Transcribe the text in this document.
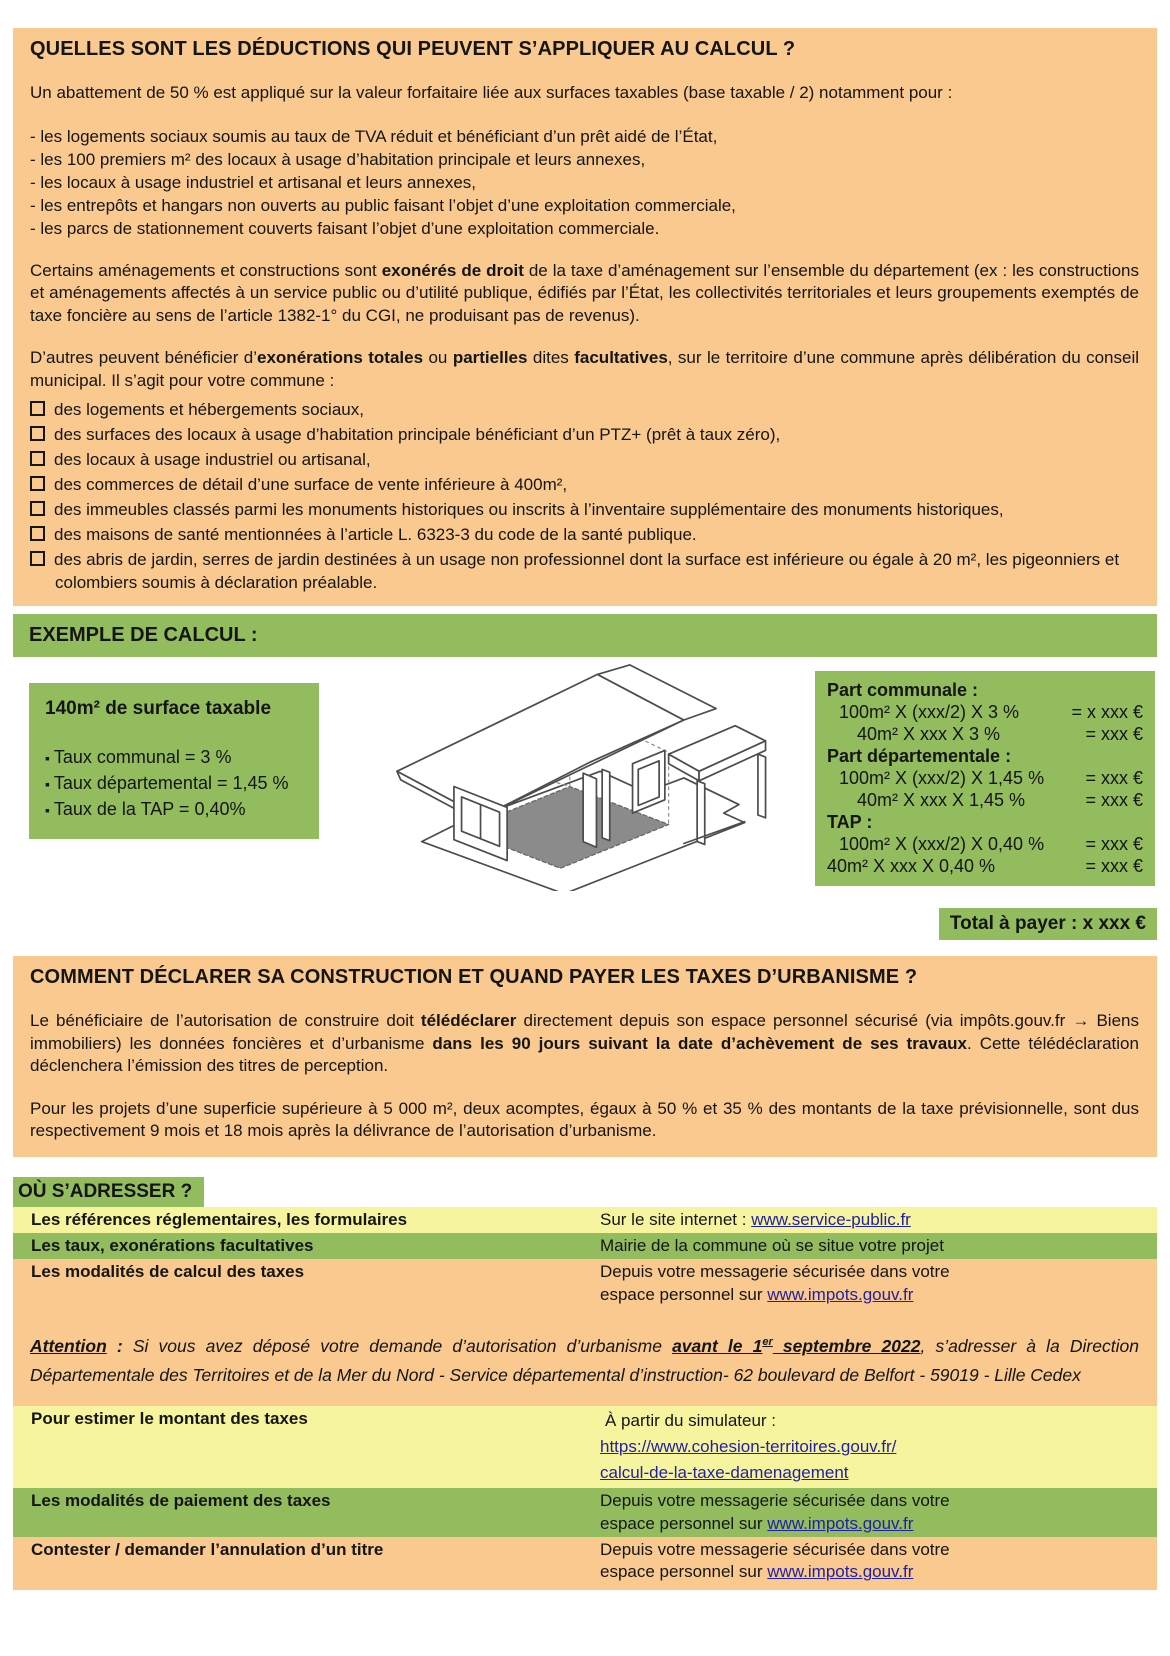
QUELLES SONT LES DÉDUCTIONS QUI PEUVENT S’APPLIQUER AU CALCUL ?

Un abattement de 50 % est appliqué sur la valeur forfaitaire liée aux surfaces taxables (base taxable / 2) notamment pour :

- les logements sociaux soumis au taux de TVA réduit et bénéficiant d’un prêt aidé de l’État,
- les 100 premiers m² des locaux à usage d’habitation principale et leurs annexes,
- les locaux à usage industriel et artisanal et leurs annexes,
- les entrepôts et hangars non ouverts au public faisant l’objet d’une exploitation commerciale,
- les parcs de stationnement couverts faisant l’objet d’une exploitation commerciale.

Certains aménagements et constructions sont exonérés de droit de la taxe d’aménagement sur l’ensemble du département (ex : les constructions et aménagements affectés à un service public ou d’utilité publique, édifiés par l’État, les collectivités territoriales et leurs groupements exemptés de taxe foncière au sens de l’article 1382-1° du CGI, ne produisant pas de revenus).

D’autres peuvent bénéficier d’exonérations totales ou partielles dites facultatives, sur le territoire d’une commune après délibération du conseil municipal. Il s’agit pour votre commune :

des logements et hébergements sociaux,
des surfaces des locaux à usage d’habitation principale bénéficiant d’un PTZ+ (prêt à taux zéro),
des locaux à usage industriel ou artisanal,
des commerces de détail d’une surface de vente inférieure à 400m²,
des immeubles classés parmi les monuments historiques ou inscrits à l’inventaire supplémentaire des monuments historiques,
des maisons de santé mentionnées à l’article L. 6323-3 du code de la santé publique.
des abris de jardin, serres de jardin destinées à un usage non professionnel dont la surface est inférieure ou égale à 20 m², les pigeonniers et colombiers soumis à déclaration préalable.
EXEMPLE DE CALCUL :
140m² de surface taxable
▪ Taux communal = 3 %
▪ Taux départemental = 1,45 %
▪ Taux de la TAP = 0,40%
Part communale :
100m² X (xxx/2) X 3 %	= x xxx €
40m² X xxx X 3 %	= xxx €
Part départementale :
100m² X (xxx/2) X 1,45 % = xxx €
40m² X xxx X 1,45 %	= xxx €
TAP :
100m² X (xxx/2) X 0,40 % = xxx €
40m² X xxx X 0,40 %	= xxx €
Total à payer : x xxx €
COMMENT DÉCLARER SA CONSTRUCTION ET QUAND PAYER LES TAXES D’URBANISME ?

Le bénéficiaire de l’autorisation de construire doit télédéclarer directement depuis son espace personnel sécurisé (via impôts.gouv.fr → Biens immobiliers) les données foncières et d’urbanisme dans les 90 jours suivant la date d’achèvement de ses travaux. Cette télédéclaration déclenchera l’émission des titres de perception.

Pour les projets d’une superficie supérieure à 5 000 m², deux acomptes, égaux à 50 % et 35 % des montants de la taxe prévisionnelle, sont dus respectivement 9 mois et 18 mois après la délivrance de l’autorisation d’urbanisme.

OÙ S’ADRESSER ?
Les références réglementaires, les formulaires	Sur le site internet : www.service-public.fr
Les taux, exonérations facultatives	Mairie de la commune où se situe votre projet
Les modalités de calcul des taxes	Depuis votre messagerie sécurisée dans votre espace personnel sur www.impots.gouv.fr
Attention : Si vous avez déposé votre demande d’autorisation d’urbanisme avant le 1er septembre 2022, s’adresser à la Direction Départementale des Territoires et de la Mer du Nord - Service départemental d’instruction- 62 boulevard de Belfort - 59019 - Lille Cedex
Pour estimer le montant des taxes	À partir du simulateur :
https://www.cohesion-territoires.gouv.fr/
calcul-de-la-taxe-damenagement
Les modalités de paiement des taxes	Depuis votre messagerie sécurisée dans votre espace personnel sur www.impots.gouv.fr
Contester / demander l’annulation d’un titre	Depuis votre messagerie sécurisée dans votre espace personnel sur www.impots.gouv.fr
